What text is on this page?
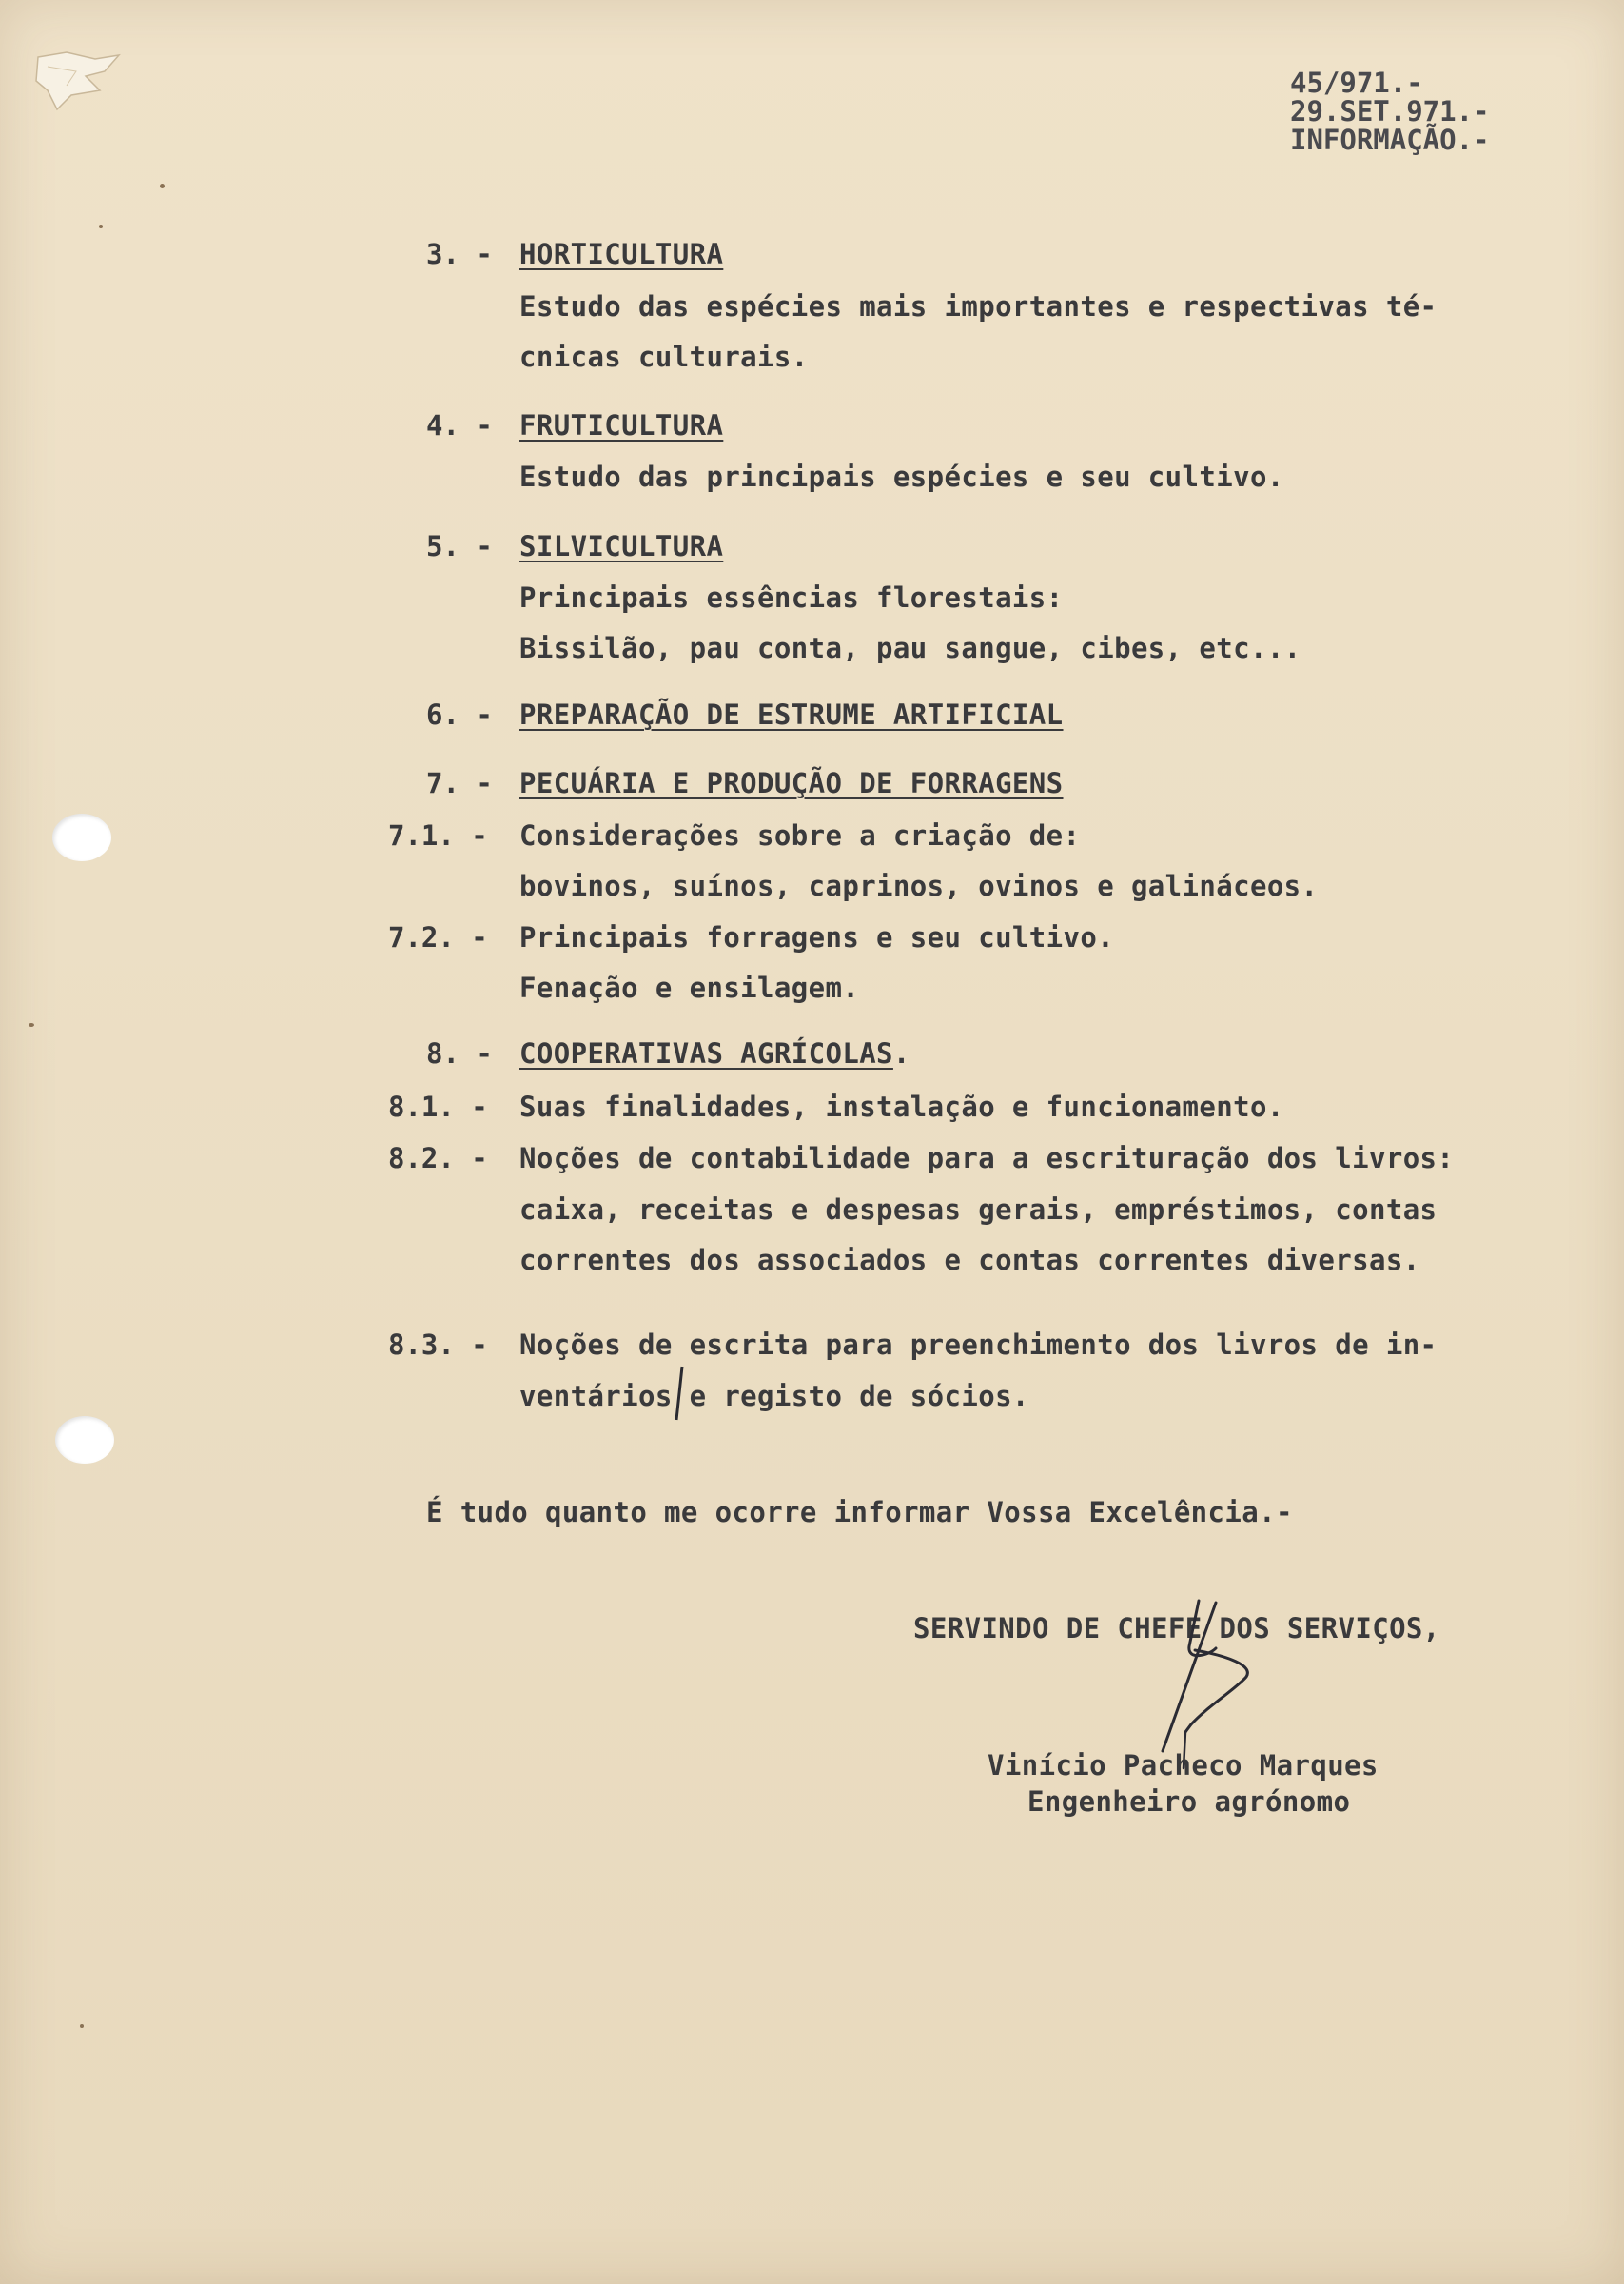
45/971.-
29.SET.971.-
INFORMAÇÃO.-
3. - HORTICULTURA
Estudo das espécies mais importantes e respectivas té-
cnicas culturais.
4. - FRUTICULTURA
Estudo das principais espécies e seu cultivo.
5. - SILVICULTURA
Principais essências florestais:
Bissilão, pau conta, pau sangue, cibes, etc...
6. - PREPARAÇÃO DE ESTRUME ARTIFICIAL
7. - PECUÁRIA E PRODUÇÃO DE FORRAGENS
7.1. - Considerações sobre a criação de:
bovinos, suínos, caprinos, ovinos e galináceos.
7.2. - Principais forragens e seu cultivo.
Fenação e ensilagem.
8. - COOPERATIVAS AGRÍCOLAS.
8.1. - Suas finalidades, instalação e funcionamento.
8.2. - Noções de contabilidade para a escrituração dos livros:
caixa, receitas e despesas gerais, empréstimos, contas
correntes dos associados e contas correntes diversas.
8.3. - Noções de escrita para preenchimento dos livros de in-
ventários e registo de sócios.
É tudo quanto me ocorre informar Vossa Excelência.-
SERVINDO DE CHEFE DOS SERVIÇOS,
Vinício Pacheco Marques
Engenheiro agrónomo
